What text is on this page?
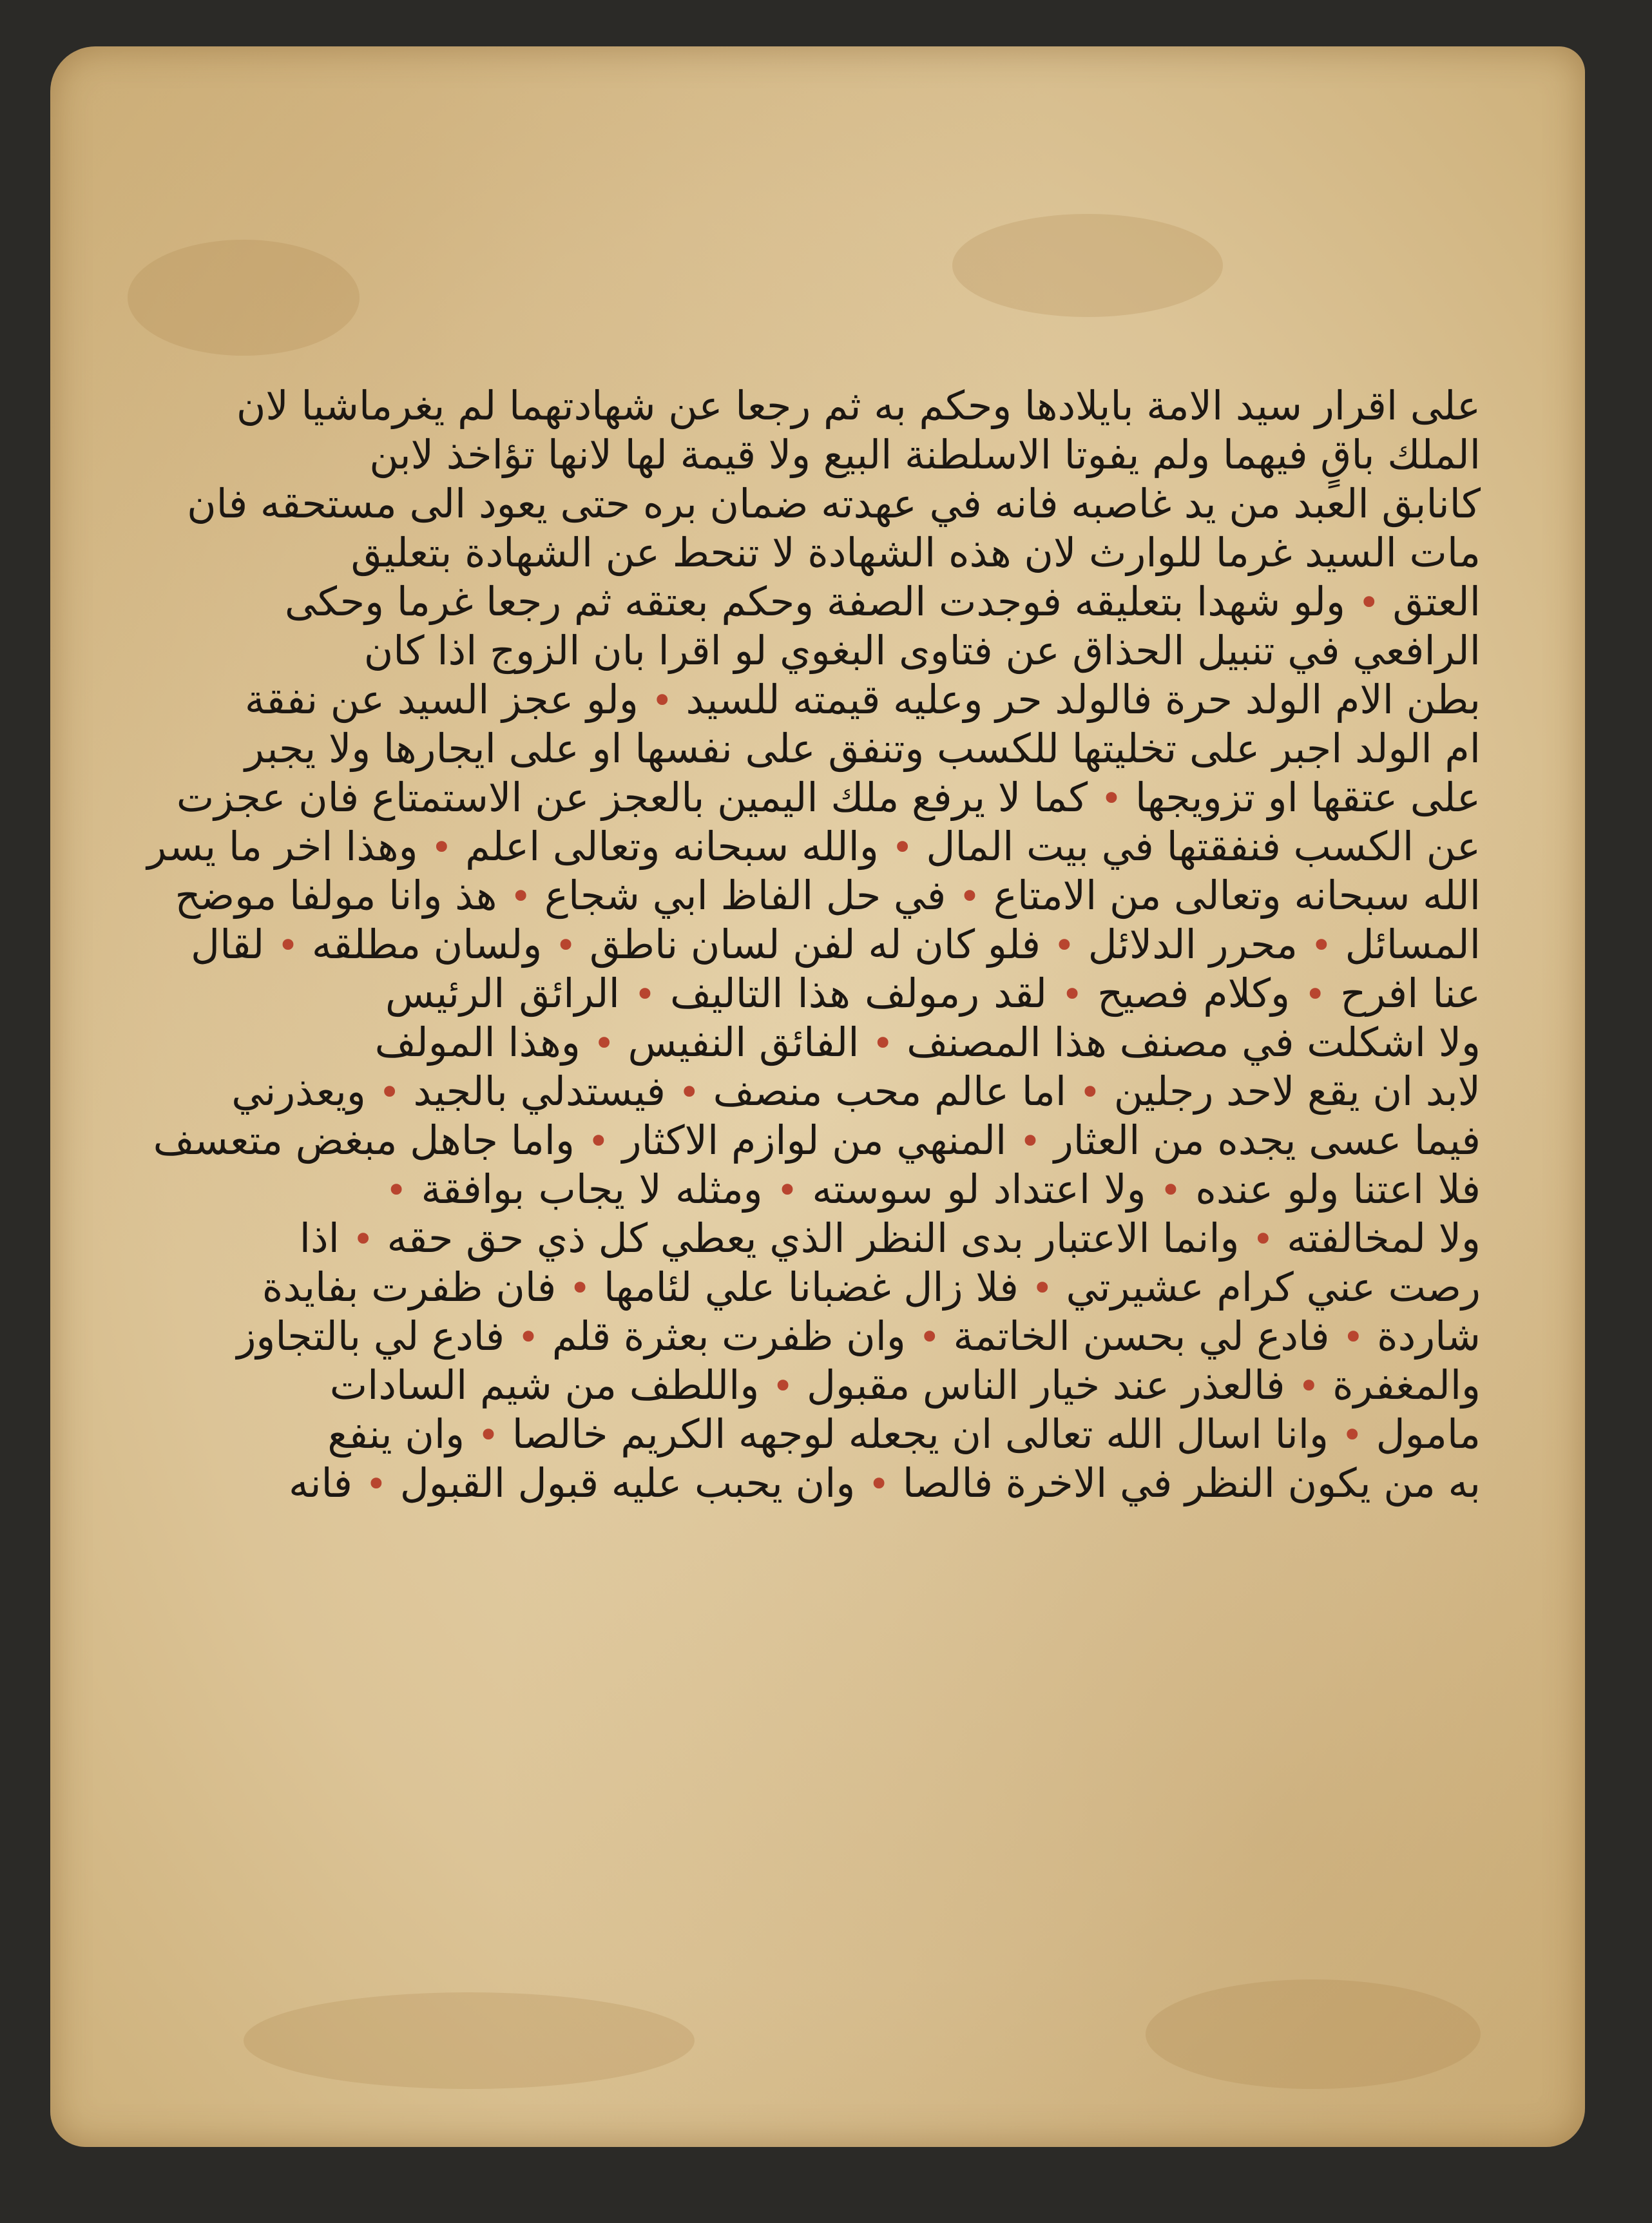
على اقرار سيد الامة بايلادها وحكم به ثم رجعا عن شهادتهما لم يغرماشيا لان
الملك باقٍ فيهما ولم يفوتا الاسلطنة البيع ولا قيمة لها لانها تؤاخذ لابن
كانابق العبد من يد غاصبه فانه في عهدته ضمان بره حتى يعود الى مستحقه فان
مات السيد غرما للوارث لان هذه الشهادة لا تنحط عن الشهادة بتعليق
العتق • ولو شهدا بتعليقه فوجدت الصفة وحكم بعتقه ثم رجعا غرما وحكى
الرافعي في تنبيل الحذاق عن فتاوى البغوي لو اقرا بان الزوج اذا كان
بطن الام الولد حرة فالولد حر وعليه قيمته للسيد • ولو عجز السيد عن نفقة
ام الولد اجبر على تخليتها للكسب وتنفق على نفسها او على ايجارها ولا يجبر
على عتقها او تزويجها • كما لا يرفع ملك اليمين بالعجز عن الاستمتاع فان عجزت
عن الكسب فنفقتها في بيت المال • والله سبحانه وتعالى اعلم • وهذا اخر ما يسر
الله سبحانه وتعالى من الامتاع • في حل الفاظ ابي شجاع • هذ وانا مولفا موضح
المسائل • محرر الدلائل • فلو كان له لفن لسان ناطق • ولسان مطلقه • لقال
عنا افرح • وكلام فصيح • لقد رمولف هذا التاليف • الرائق الرئيس
ولا اشكلت في مصنف هذا المصنف • الفائق النفيس • وهذا المولف
لابد ان يقع لاحد رجلين • اما عالم محب منصف • فيستدلي بالجيد • ويعذرني
فيما عسى يجده من العثار • المنهي من لوازم الاكثار • واما جاهل مبغض متعسف
فلا اعتنا ولو عنده • ولا اعتداد لو سوسته • ومثله لا يجاب بوافقة •
ولا لمخالفته • وانما الاعتبار بدى النظر الذي يعطي كل ذي حق حقه • اذا
رصت عني كرام عشيرتي • فلا زال غضبانا علي لئامها • فان ظفرت بفايدة
شاردة • فادع لي بحسن الخاتمة • وان ظفرت بعثرة قلم • فادع لي بالتجاوز
والمغفرة • فالعذر عند خيار الناس مقبول • واللطف من شيم السادات
مامول • وانا اسال الله تعالى ان يجعله لوجهه الكريم خالصا • وان ينفع
به من يكون النظر في الاخرة فالصا • وان يحبب عليه قبول القبول • فانه
